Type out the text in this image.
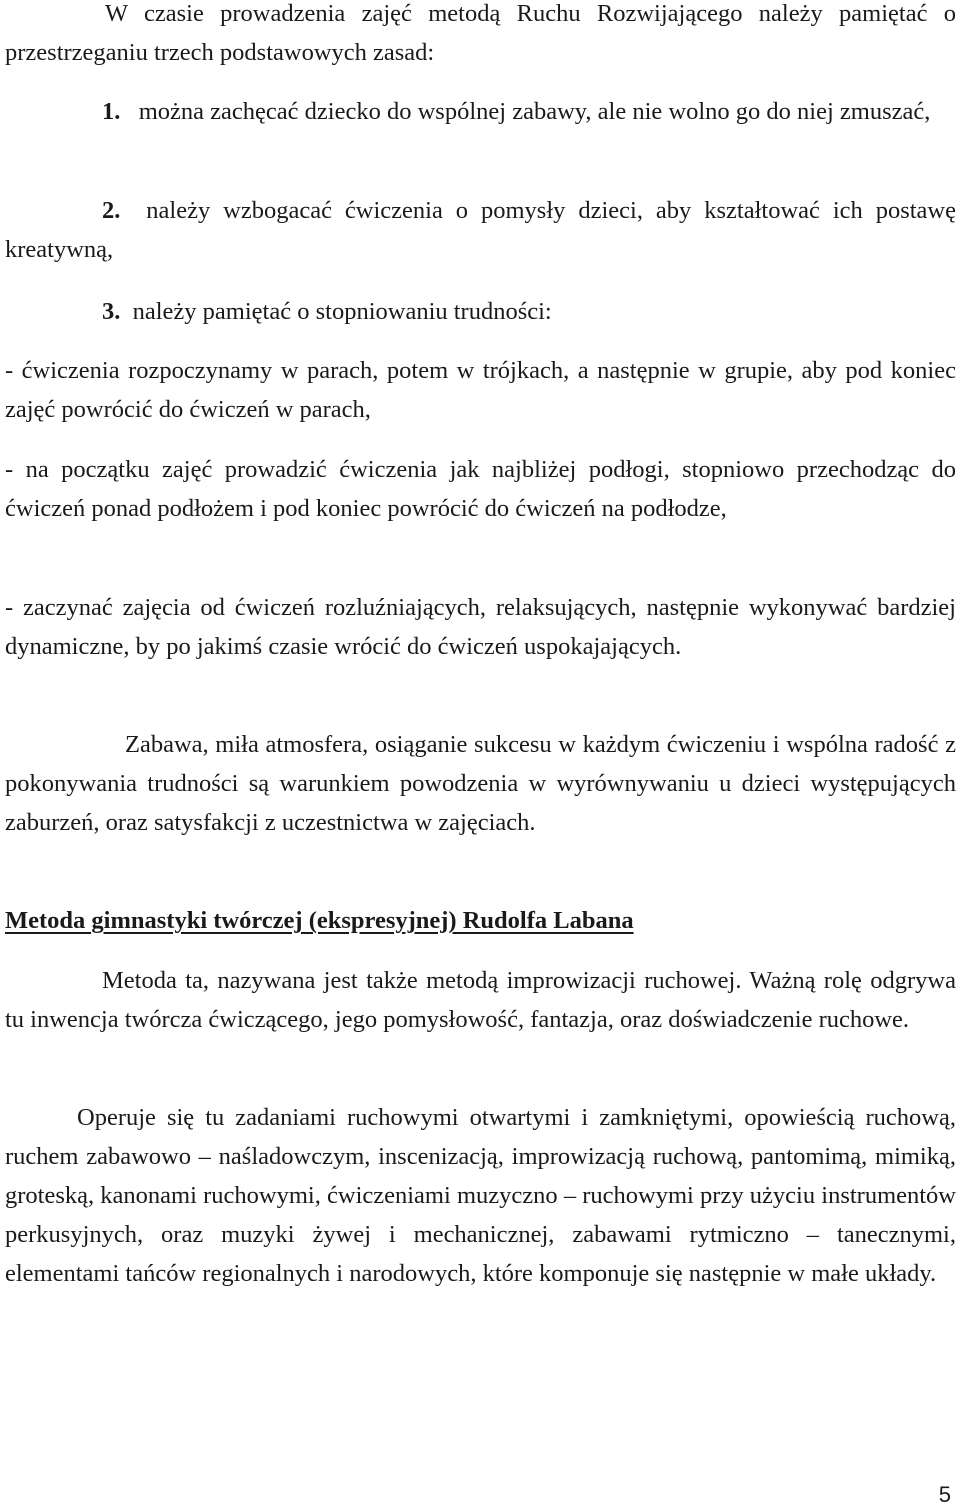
W czasie prowadzenia zajęć metodą Ruchu Rozwijającego należy pamiętać o przestrzeganiu trzech podstawowych zasad:

1. można zachęcać dziecko do wspólnej zabawy, ale nie wolno go do niej zmuszać,

2. należy wzbogacać ćwiczenia o pomysły dzieci, aby kształtować ich postawę kreatywną,

3. należy pamiętać o stopniowaniu trudności:

- ćwiczenia rozpoczynamy w parach, potem w trójkach, a następnie w grupie, aby pod koniec zajęć powrócić do ćwiczeń w parach,

- na początku zajęć prowadzić ćwiczenia jak najbliżej podłogi, stopniowo przechodząc do ćwiczeń ponad podłożem i pod koniec powrócić do ćwiczeń na podłodze,

- zaczynać zajęcia od ćwiczeń rozluźniających, relaksujących, następnie wykonywać bardziej dynamiczne, by po jakimś czasie wrócić do ćwiczeń uspokajających.

Zabawa, miła atmosfera, osiąganie sukcesu w każdym ćwiczeniu i wspólna radość z pokonywania trudności są warunkiem powodzenia w wyrównywaniu u dzieci występujących zaburzeń, oraz satysfakcji z uczestnictwa w zajęciach.

Metoda gimnastyki twórczej (ekspresyjnej) Rudolfa Labana

Metoda ta, nazywana jest także metodą improwizacji ruchowej. Ważną rolę odgrywa tu inwencja twórcza ćwiczącego, jego pomysłowość, fantazja, oraz doświadczenie ruchowe.

Operuje się tu zadaniami ruchowymi otwartymi i zamkniętymi, opowieścią ruchową, ruchem zabawowo – naśladowczym, inscenizacją, improwizacją ruchową, pantomimą, mimiką, groteską, kanonami ruchowymi, ćwiczeniami muzyczno – ruchowymi przy użyciu instrumentów perkusyjnych, oraz muzyki żywej i mechanicznej, zabawami rytmiczno – tanecznymi, elementami tańców regionalnych i narodowych, które komponuje się następnie w małe układy.

5
